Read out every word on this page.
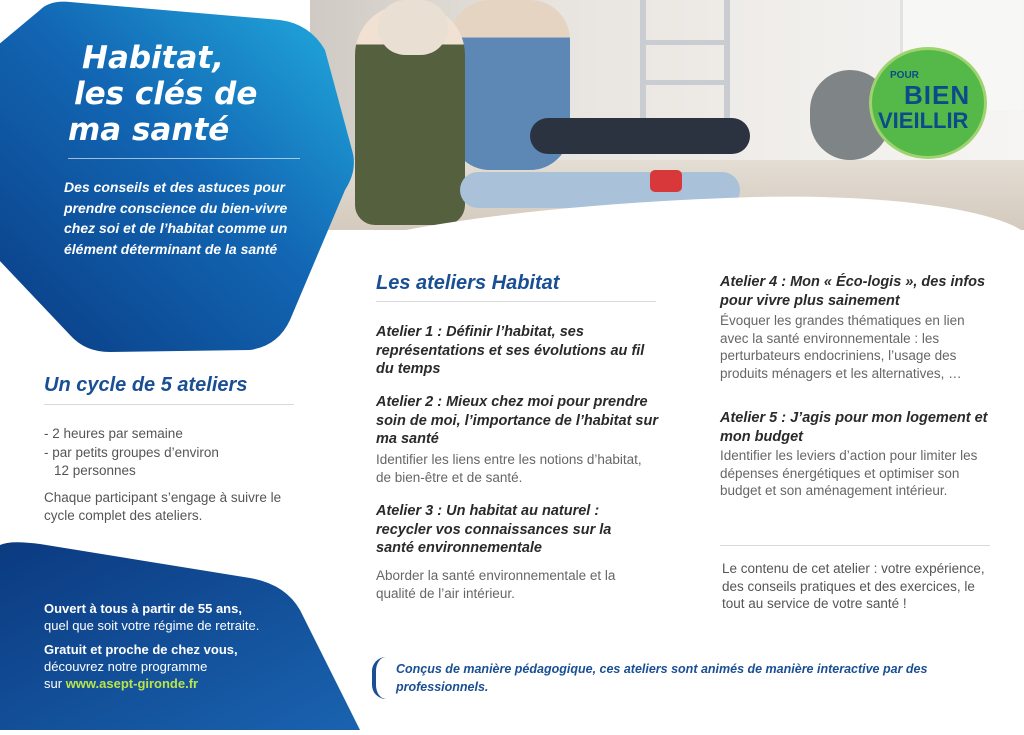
Habitat,
les clés de
ma santé
Des conseils et des astuces pour prendre conscience du bien-vivre chez soi et de l’habitat comme un élément déterminant de la santé
POUR
BIEN
VIEILLIR
Un cycle de 5 ateliers
- 2 heures par semaine
- par petits groupes d’environ
12 personnes
Chaque participant s’engage à suivre le cycle complet des ateliers.

Ouvert à tous à partir de 55 ans,
quel que soit votre régime de retraite.

Gratuit et proche de chez vous,
découvrez notre programme
sur www.asept-gironde.fr

Les ateliers Habitat
Atelier 1 : Définir l’habitat, ses représentations et ses évolutions au fil du temps
Atelier 2 : Mieux chez moi pour prendre soin de moi, l’importance de l’habitat sur ma santé
Identifier les liens entre les notions d’habitat, de bien-être et de santé.
Atelier 3 : Un habitat au naturel : recycler vos connaissances sur la santé environnementale
Aborder la santé environnementale et la qualité de l’air intérieur.
Atelier 4 : Mon « Éco-logis », des infos pour vivre plus sainement
Évoquer les grandes thématiques en lien avec la santé environnementale : les perturbateurs endocriniens, l’usage des produits ménagers et les alternatives, …
Atelier 5 : J’agis pour mon logement et mon budget
Identifier les leviers d’action pour limiter les dépenses énergétiques et optimiser son budget et son aménagement intérieur.
Le contenu de cet atelier : votre expérience, des conseils pratiques et des exercices, le tout au service de votre santé !
Conçus de manière pédagogique, ces ateliers sont animés de manière interactive par des professionnels.
